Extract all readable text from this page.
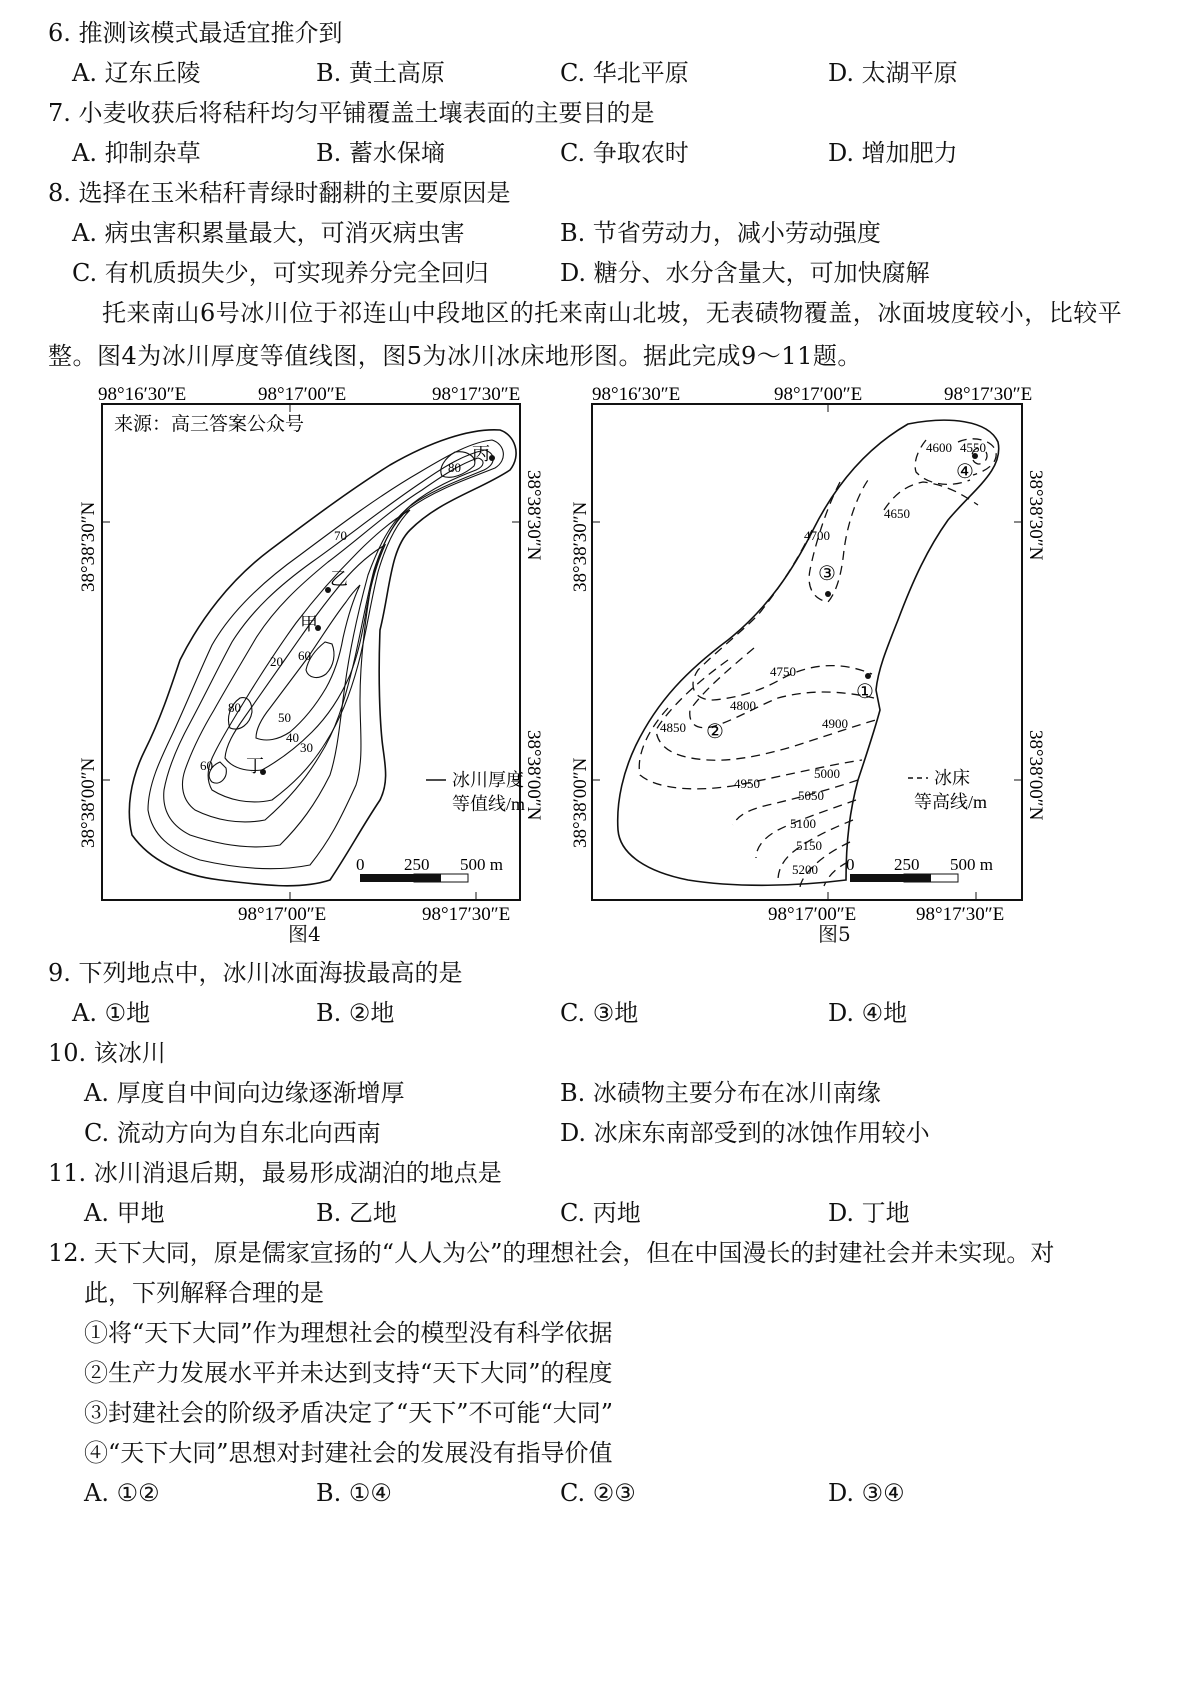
6. 推测该模式最适宜推介到
A. 辽东丘陵	B. 黄土高原	C. 华北平原	D. 太湖平原
7. 小麦收获后将秸秆均匀平铺覆盖土壤表面的主要目的是
A. 抑制杂草	B. 蓄水保墒	C. 争取农时	D. 增加肥力
8. 选择在玉米秸秆青绿时翻耕的主要原因是
A. 病虫害积累量最大，可消灭病虫害	B. 节省劳动力，减小劳动强度
C. 有机质损失少，可实现养分完全回归	D. 糖分、水分含量大，可加快腐解
托来南山6号冰川位于祁连山中段地区的托来南山北坡，无表碛物覆盖，冰面坡度较小，比较平整。图4为冰川厚度等值线图，图5为冰川冰床地形图。据此完成9～11题。
来源：高三答案公众号
丙
乙
甲
丁
80
70
20 60
80
60
50
40
30
98°16′30″E	98°17′00″E	98°17′30″E
98°17′00″E	98°17′30″E
38°38′30″N
38°38′00″N
38°38′30″N
38°38′00″N
冰川厚度
等值线/m
0 250 500 m
图4
①
②
③
④
4600 4550
4650
4700
4750
4800
4850	4900
4950
5000
5050
5100
5150
5200
98°16′30″E	98°17′00″E	98°17′30″E
98°17′00″E	98°17′30″E
38°38′30″N
38°38′00″N
38°38′30″N
38°38′00″N
冰床
等高线/m
0 250 500 m
图5
9. 下列地点中，冰川冰面海拔最高的是
A. ①地	B. ②地	C. ③地	D. ④地
10. 该冰川
A. 厚度自中间向边缘逐渐增厚	B. 冰碛物主要分布在冰川南缘
C. 流动方向为自东北向西南	D. 冰床东南部受到的冰蚀作用较小
11. 冰川消退后期，最易形成湖泊的地点是
A. 甲地	B. 乙地	C. 丙地	D. 丁地
12. 天下大同，原是儒家宣扬的“人人为公”的理想社会，但在中国漫长的封建社会并未实现。对
此，下列解释合理的是
①将“天下大同”作为理想社会的模型没有科学依据
②生产力发展水平并未达到支持“天下大同”的程度
③封建社会的阶级矛盾决定了“天下”不可能“大同”
④“天下大同”思想对封建社会的发展没有指导价值
A. ①②	B. ①④	C. ②③	D. ③④
